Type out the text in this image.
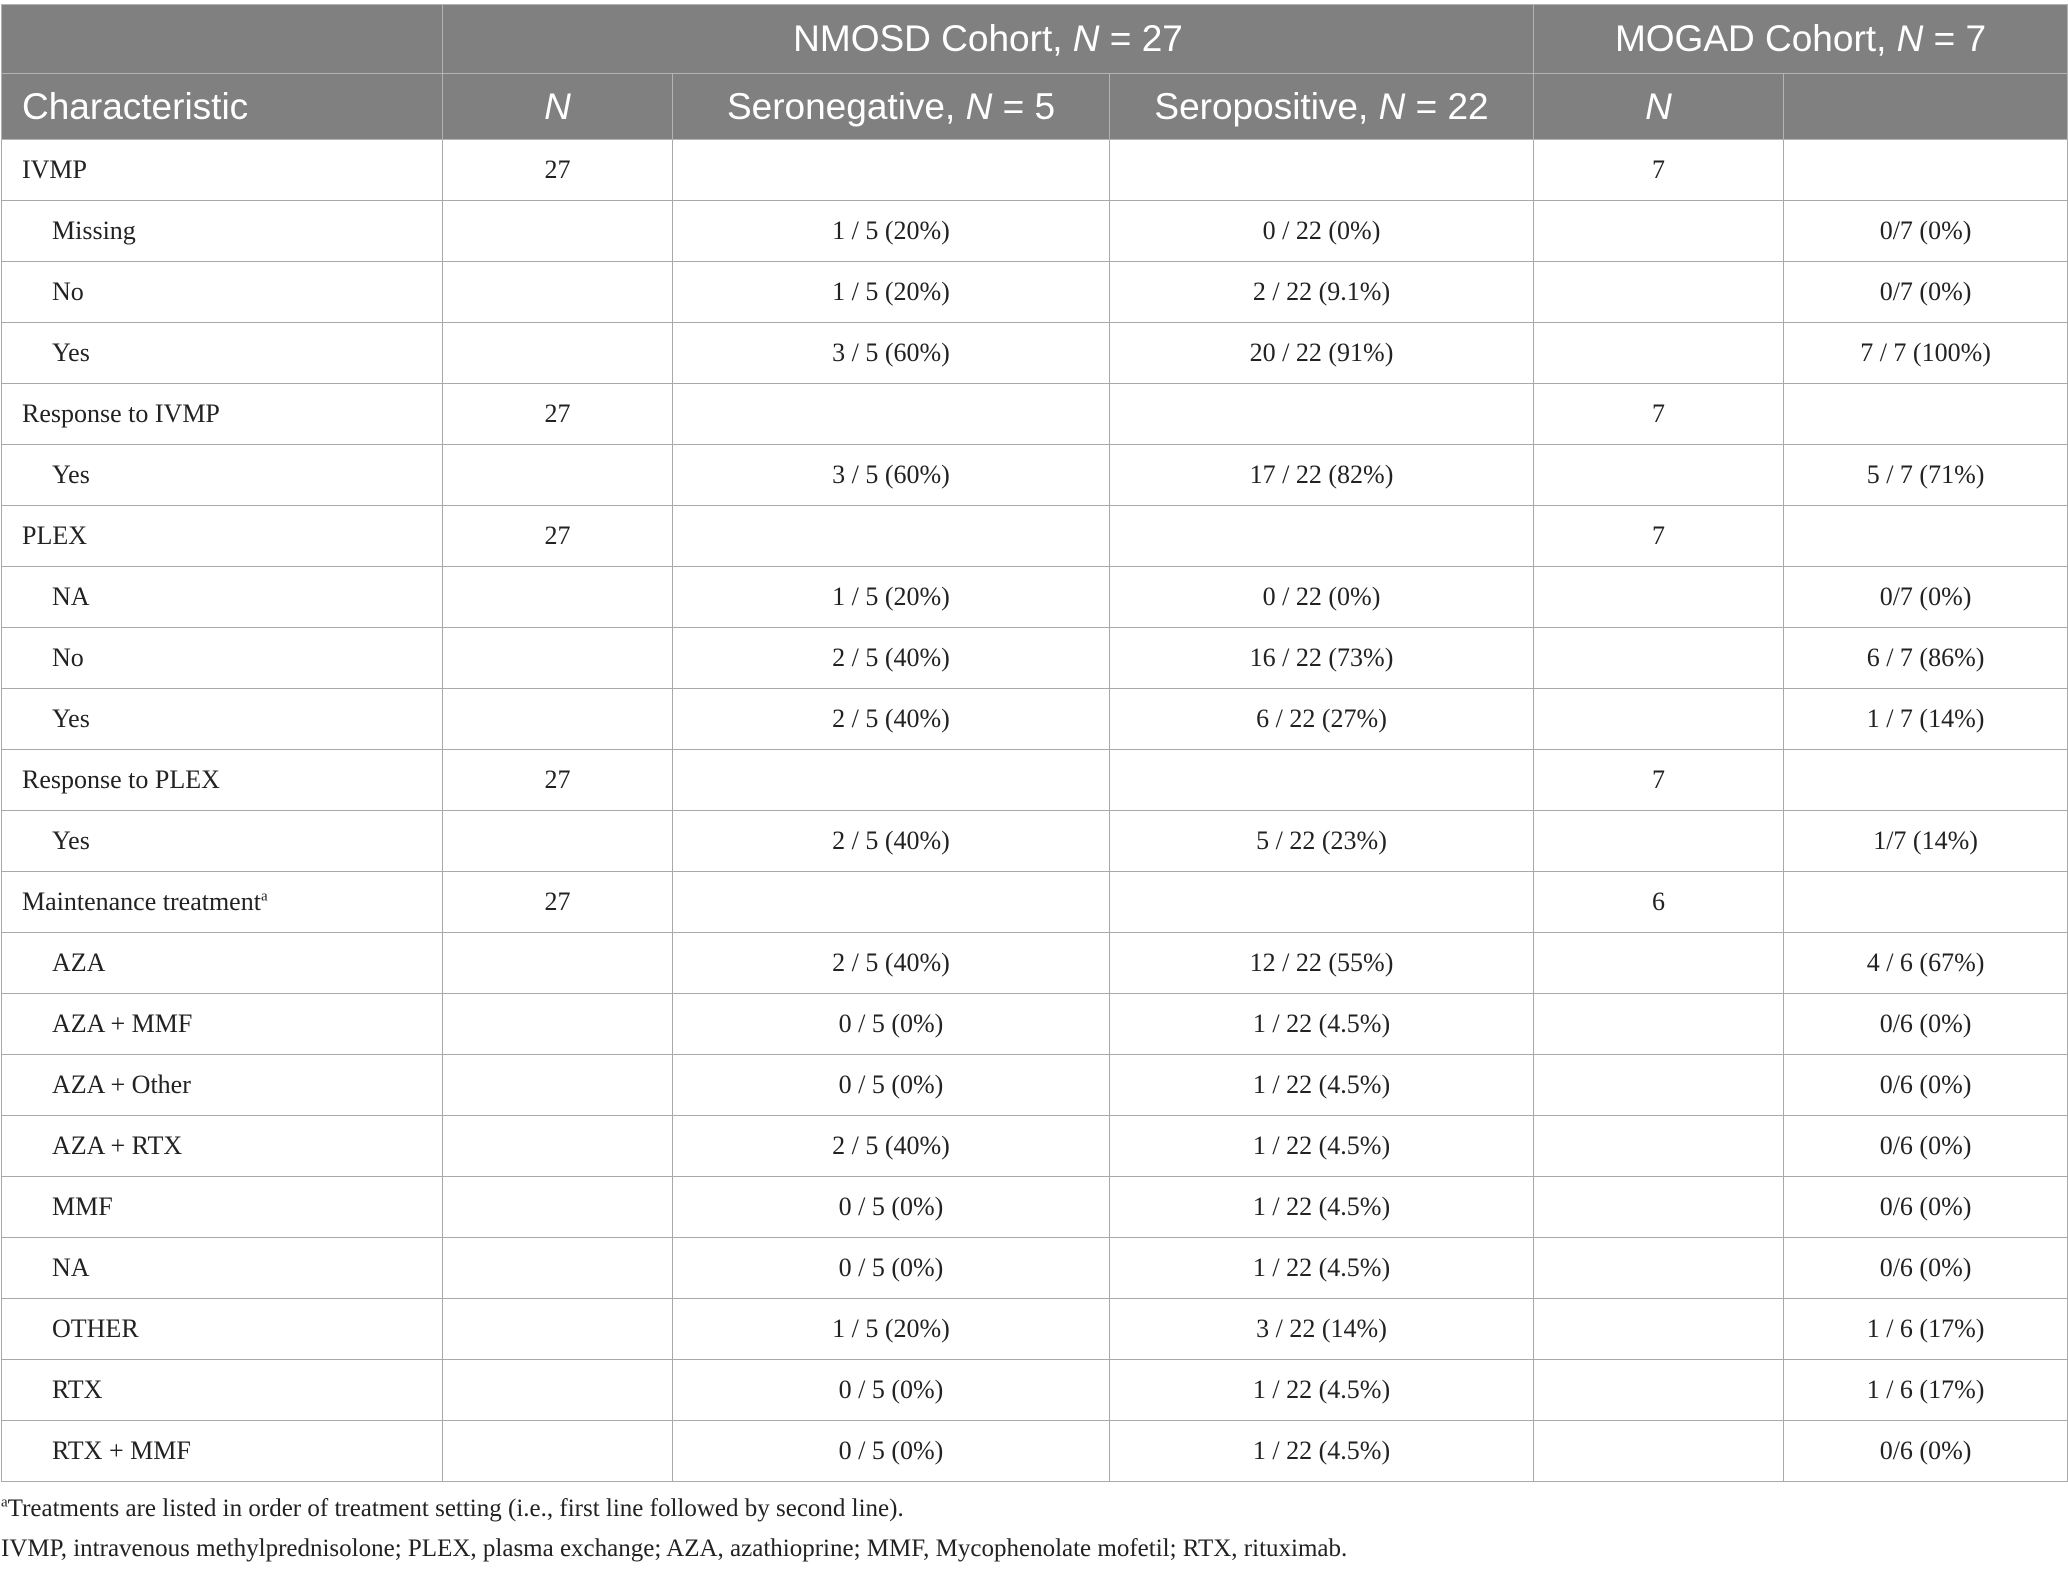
	NMOSD Cohort, N = 27			MOGAD Cohort, N = 7	
Characteristic	N	Seronegative, N = 5	Seropositive, N = 22	N	
IVMP	27			7	
Missing		1 / 5 (20%)	0 / 22 (0%)		0/7 (0%)
No		1 / 5 (20%)	2 / 22 (9.1%)		0/7 (0%)
Yes		3 / 5 (60%)	20 / 22 (91%)		7 / 7 (100%)
Response to IVMP	27			7	
Yes		3 / 5 (60%)	17 / 22 (82%)		5 / 7 (71%)
PLEX	27			7	
NA		1 / 5 (20%)	0 / 22 (0%)		0/7 (0%)
No		2 / 5 (40%)	16 / 22 (73%)		6 / 7 (86%)
Yes		2 / 5 (40%)	6 / 22 (27%)		1 / 7 (14%)
Response to PLEX	27			7	
Yes		2 / 5 (40%)	5 / 22 (23%)		1/7 (14%)
Maintenance treatment$^a$	27			6	
AZA		2 / 5 (40%)	12 / 22 (55%)		4 / 6 (67%)
AZA + MMF		0 / 5 (0%)	1 / 22 (4.5%)		0/6 (0%)
AZA + Other		0 / 5 (0%)	1 / 22 (4.5%)		0/6 (0%)
AZA + RTX		2 / 5 (40%)	1 / 22 (4.5%)		0/6 (0%)
MMF		0 / 5 (0%)	1 / 22 (4.5%)		0/6 (0%)
NA		0 / 5 (0%)	1 / 22 (4.5%)		0/6 (0%)
OTHER		1 / 5 (20%)	3 / 22 (14%)		1 / 6 (17%)
RTX		0 / 5 (0%)	1 / 22 (4.5%)		1 / 6 (17%)
RTX + MMF		0 / 5 (0%)	1 / 22 (4.5%)		0/6 (0%)

$^a$Treatments are listed in order of treatment setting (i.e., first line followed by second line).

IVMP, intravenous methylprednisolone; PLEX, plasma exchange; AZA, azathioprine; MMF, Mycophenolate mofetil; RTX, rituximab.
